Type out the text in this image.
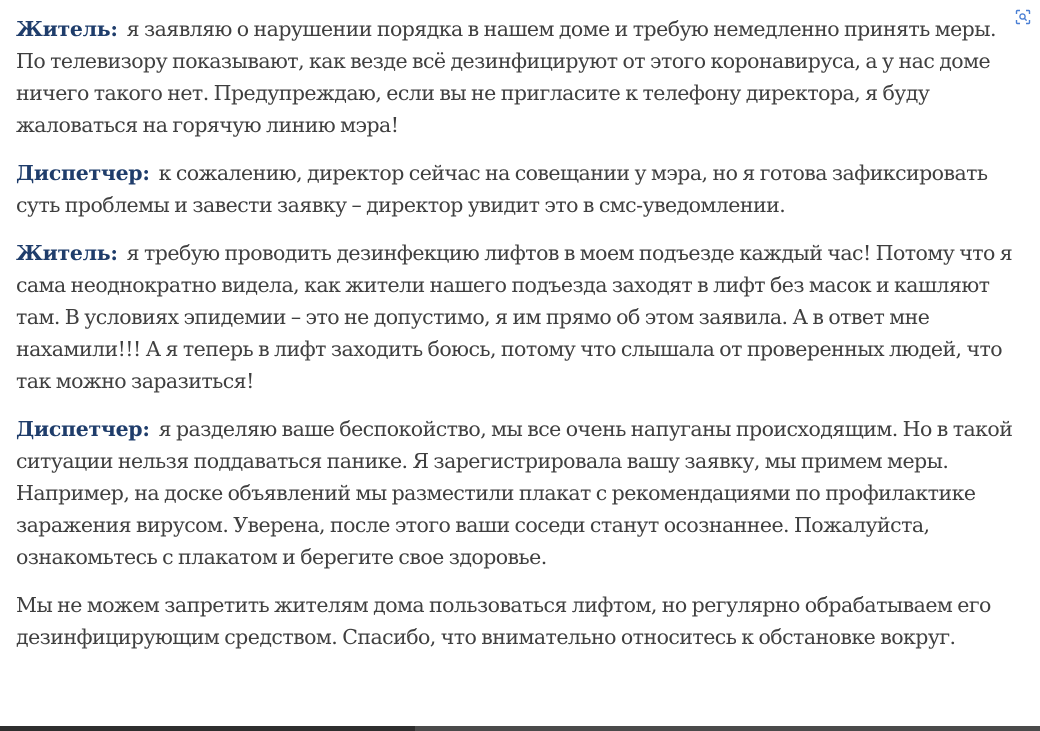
Житель: я заявляю о нарушении порядка в нашем доме и требую немедленно принять меры. По телевизору показывают, как везде всё дезинфицируют от этого коронавируса, а у нас доме ничего такого нет. Предупреждаю, если вы не пригласите к телефону директора, я буду жаловаться на горячую линию мэра!

Диспетчер: к сожалению, директор сейчас на совещании у мэра, но я готова зафиксировать суть проблемы и завести заявку – директор увидит это в смс-уведомлении.

Житель: я требую проводить дезинфекцию лифтов в моем подъезде каждый час! Потому что я сама неоднократно видела, как жители нашего подъезда заходят в лифт без масок и кашляют там. В условиях эпидемии – это не допустимо, я им прямо об этом заявила. А в ответ мне нахамили!!! А я теперь в лифт заходить боюсь, потому что слышала от проверенных людей, что так можно заразиться!

Диспетчер: я разделяю ваше беспокойство, мы все очень напуганы происходящим. Но в такой ситуации нельзя поддаваться панике. Я зарегистрировала вашу заявку, мы примем меры. Например, на доске объявлений мы разместили плакат с рекомендациями по профилактике заражения вирусом. Уверена, после этого ваши соседи станут осознаннее. Пожалуйста, ознакомьтесь с плакатом и берегите свое здоровье.

Мы не можем запретить жителям дома пользоваться лифтом, но регулярно обрабатываем его дезинфицирующим средством. Спасибо, что внимательно относитесь к обстановке вокруг.
